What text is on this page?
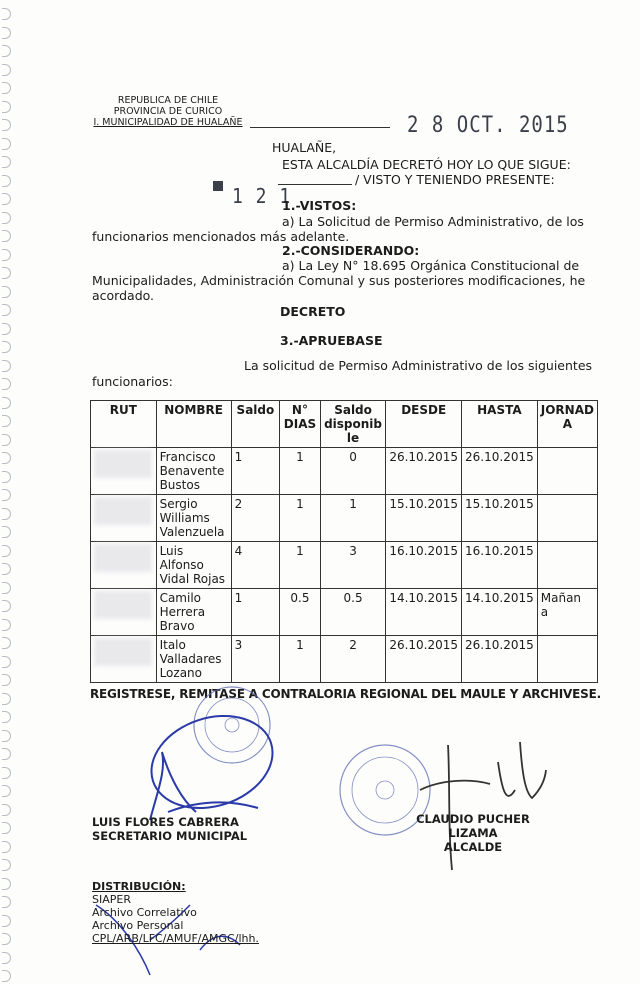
REPUBLICA DE CHILE
PROVINCIA DE CURICO
I. MUNICIPALIDAD DE HUALAÑE	2 8 OCT. 2015
HUALAÑE,
ESTA ALCALDÍA DECRETÓ HOY LO QUE SIGUE:
1 2 1
/ VISTO Y TENIENDO PRESENTE:
1.-VISTOS:
a) La Solicitud de Permiso Administrativo, de los
funcionarios mencionados más adelante.
2.-CONSIDERANDO:
a) La Ley N° 18.695 Orgánica Constitucional de
Municipalidades, Administración Comunal y sus posteriores modificaciones, he
acordado.
DECRETO
3.-APRUEBASE
La solicitud de Permiso Administrativo de los siguientes
funcionarios:
RUT	NOMBRE	Saldo	N°
DIAS	Saldo
disponib
le	DESDE	HASTA	JORNAD
A

	Francisco
Benavente
Bustos	1	1	0	26.10.2015	26.10.2015	

	Sergio
Williams
Valenzuela	2	1	1	15.10.2015	15.10.2015	

	Luis Alfonso
Vidal Rojas	4	1	3	16.10.2015	16.10.2015	

	Camilo
Herrera
Bravo	1	0.5	0.5	14.10.2015	14.10.2015	Mañan
a

	Italo
Valladares
Lozano	3	1	2	26.10.2015	26.10.2015	
REGISTRESE, REMITASE A CONTRALORIA REGIONAL DEL MAULE Y ARCHIVESE.
LUIS FLORES CABRERA
SECRETARIO MUNICIPAL
CLAUDIO PUCHER LIZAMA
ALCALDE
DISTRIBUCIÓN:
SIAPER
Archivo Correlativo
Archivo Personal
CPL/ARB/LFC/AMUF/AMGC/lhh.
